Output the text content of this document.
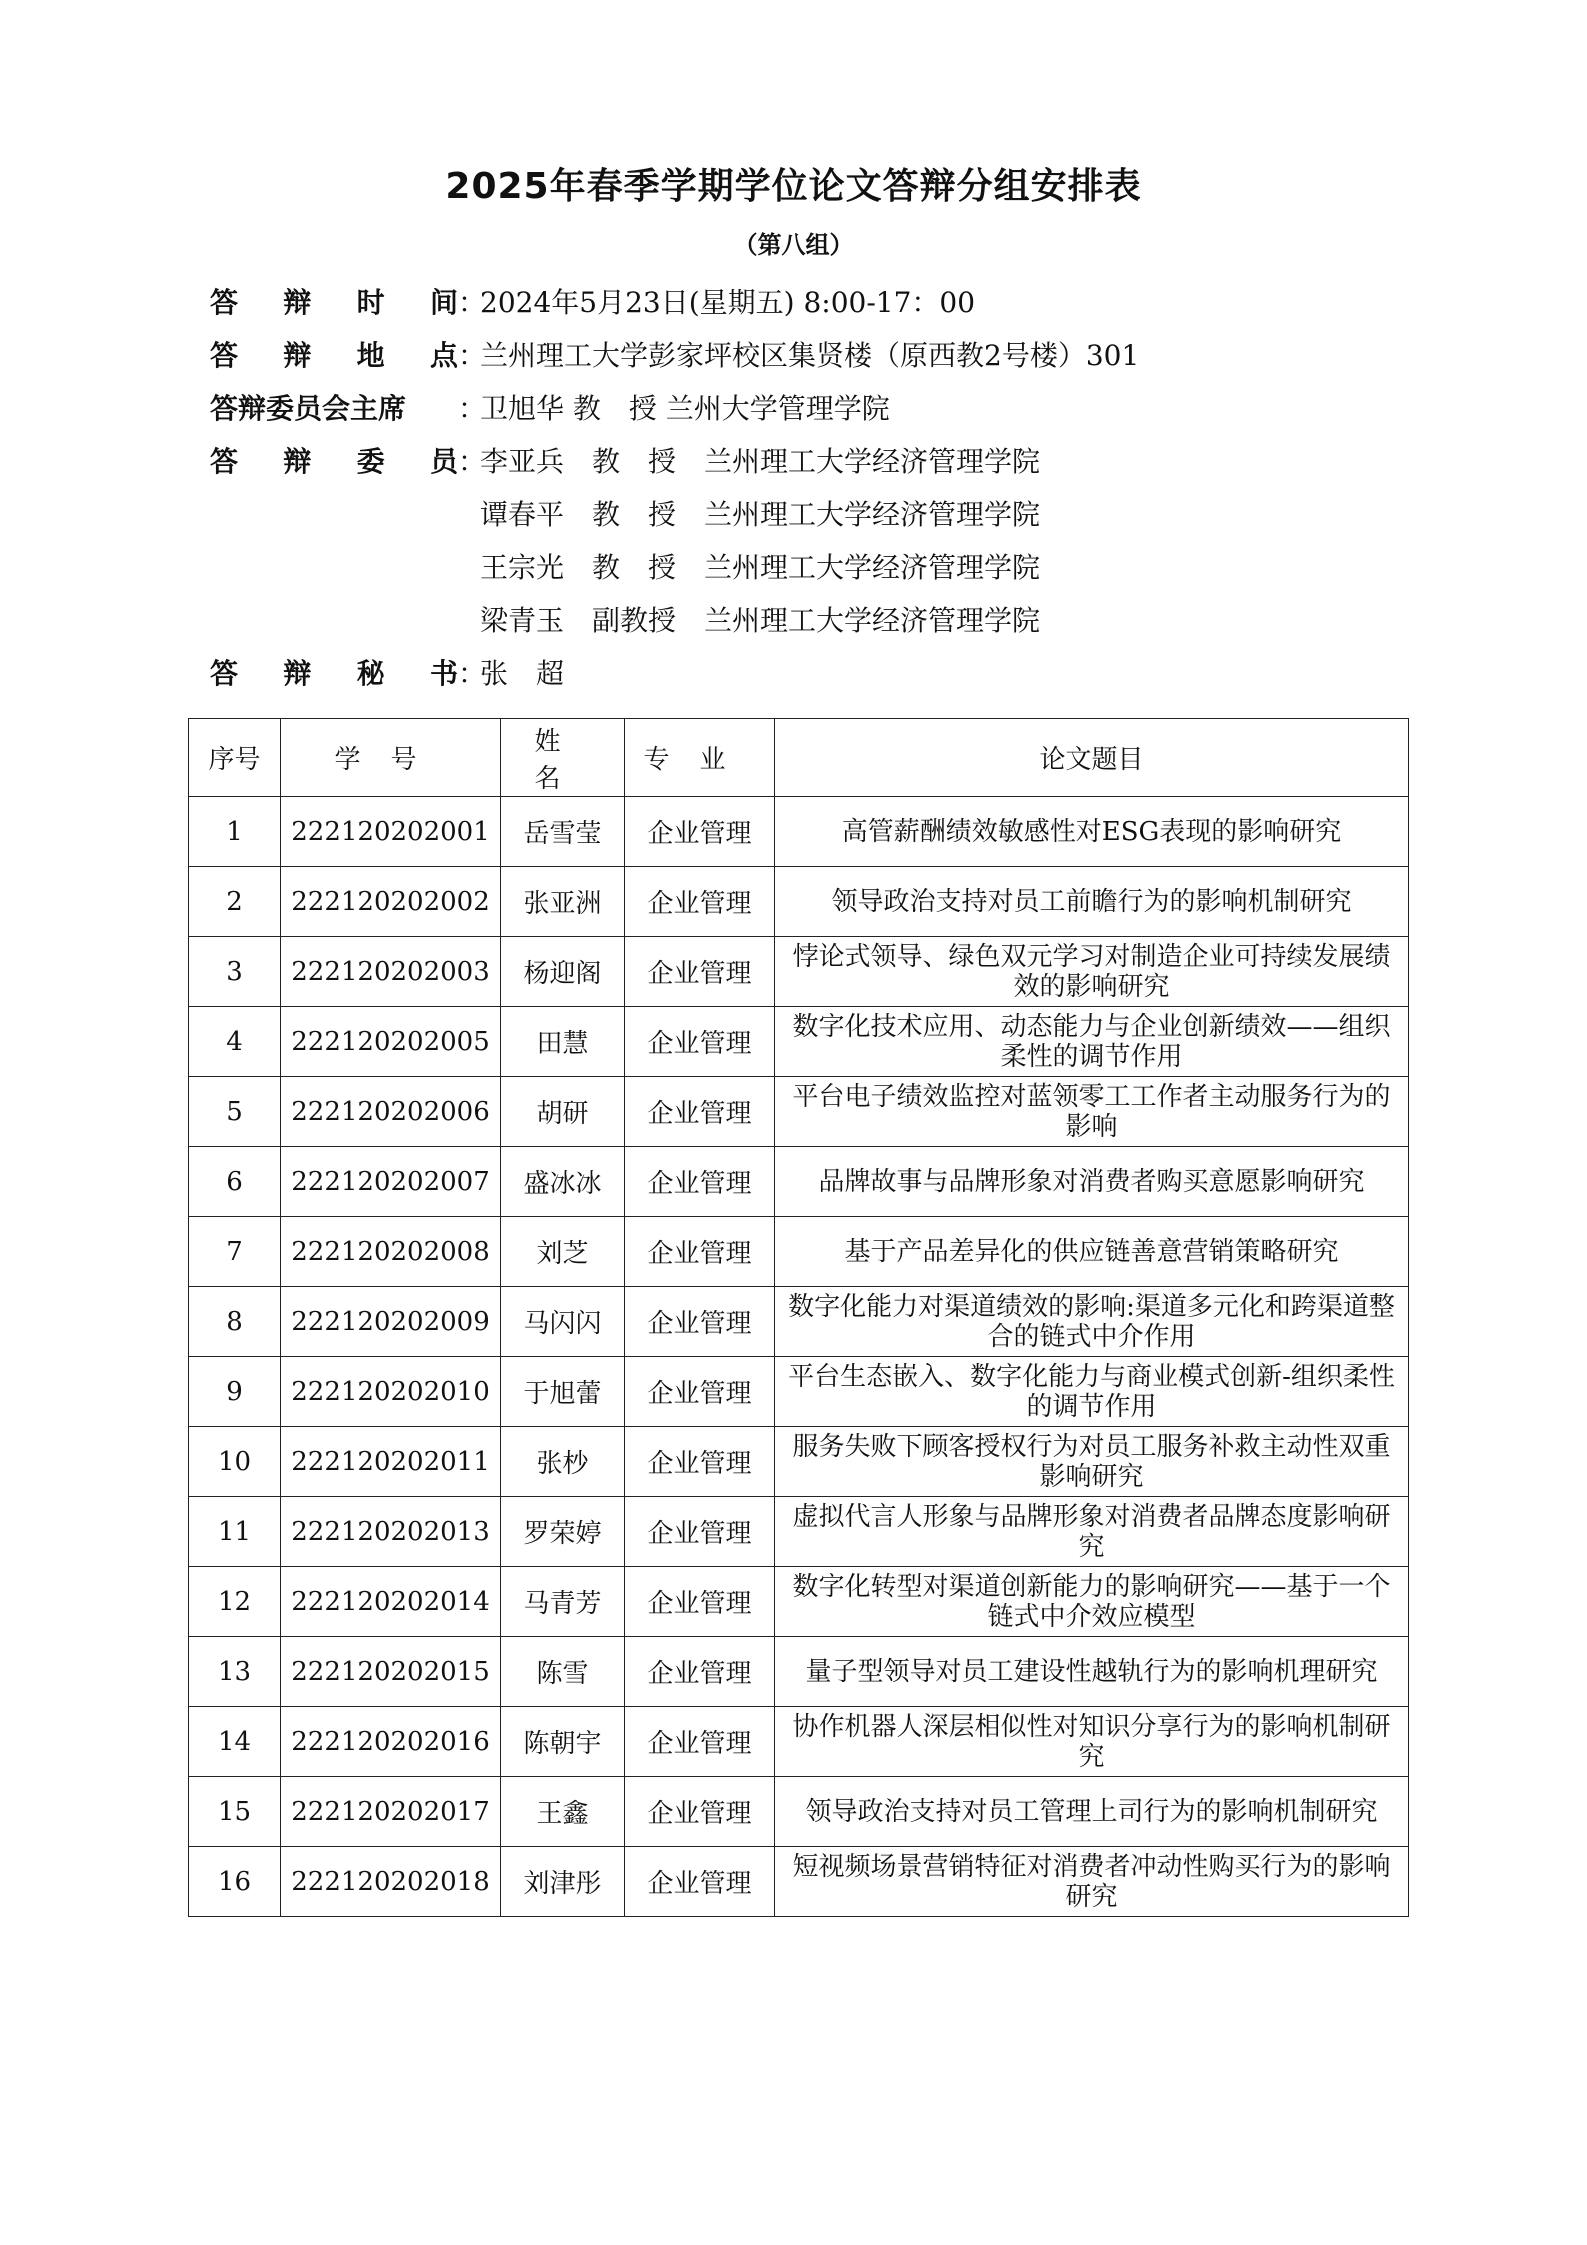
2025年春季学期学位论文答辩分组安排表
（第八组）
答 辩 时 间 ：
2024年5月23日(星期五) 8:00-17：00
答 辩 地 点 ：
兰州理工大学彭家坪校区集贤楼（原西教2号楼）301
答辩委员会主席 ：
卫旭华 教　授 兰州大学管理学院
答 辩 委 员 ：
李亚兵 教　授 兰州理工大学经济管理学院
谭春平 教　授 兰州理工大学经济管理学院
王宗光 教　授 兰州理工大学经济管理学院
梁青玉 副教授 兰州理工大学经济管理学院
答 辩 秘 书 ：
张　超
序号	学号	姓名	专业	论文题目
1	222120202001	岳雪莹	企业管理	高管薪酬绩效敏感性对ESG表现的影响研究
2	222120202002	张亚洲	企业管理	领导政治支持对员工前瞻行为的影响机制研究
3	222120202003	杨迎阁	企业管理	悖论式领导、绿色双元学习对制造企业可持续发展绩效的影响研究
4	222120202005	田慧	企业管理	数字化技术应用、动态能力与企业创新绩效——组织柔性的调节作用
5	222120202006	胡研	企业管理	平台电子绩效监控对蓝领零工工作者主动服务行为的影响
6	222120202007	盛冰冰	企业管理	品牌故事与品牌形象对消费者购买意愿影响研究
7	222120202008	刘芝	企业管理	基于产品差异化的供应链善意营销策略研究
8	222120202009	马闪闪	企业管理	数字化能力对渠道绩效的影响:渠道多元化和跨渠道整合的链式中介作用
9	222120202010	于旭蕾	企业管理	平台生态嵌入、数字化能力与商业模式创新-组织柔性的调节作用
10	222120202011	张杪	企业管理	服务失败下顾客授权行为对员工服务补救主动性双重影响研究
11	222120202013	罗荣婷	企业管理	虚拟代言人形象与品牌形象对消费者品牌态度影响研究
12	222120202014	马青芳	企业管理	数字化转型对渠道创新能力的影响研究——基于一个链式中介效应模型
13	222120202015	陈雪	企业管理	量子型领导对员工建设性越轨行为的影响机理研究
14	222120202016	陈朝宇	企业管理	协作机器人深层相似性对知识分享行为的影响机制研究
15	222120202017	王鑫	企业管理	领导政治支持对员工管理上司行为的影响机制研究
16	222120202018	刘津彤	企业管理	短视频场景营销特征对消费者冲动性购买行为的影响研究
